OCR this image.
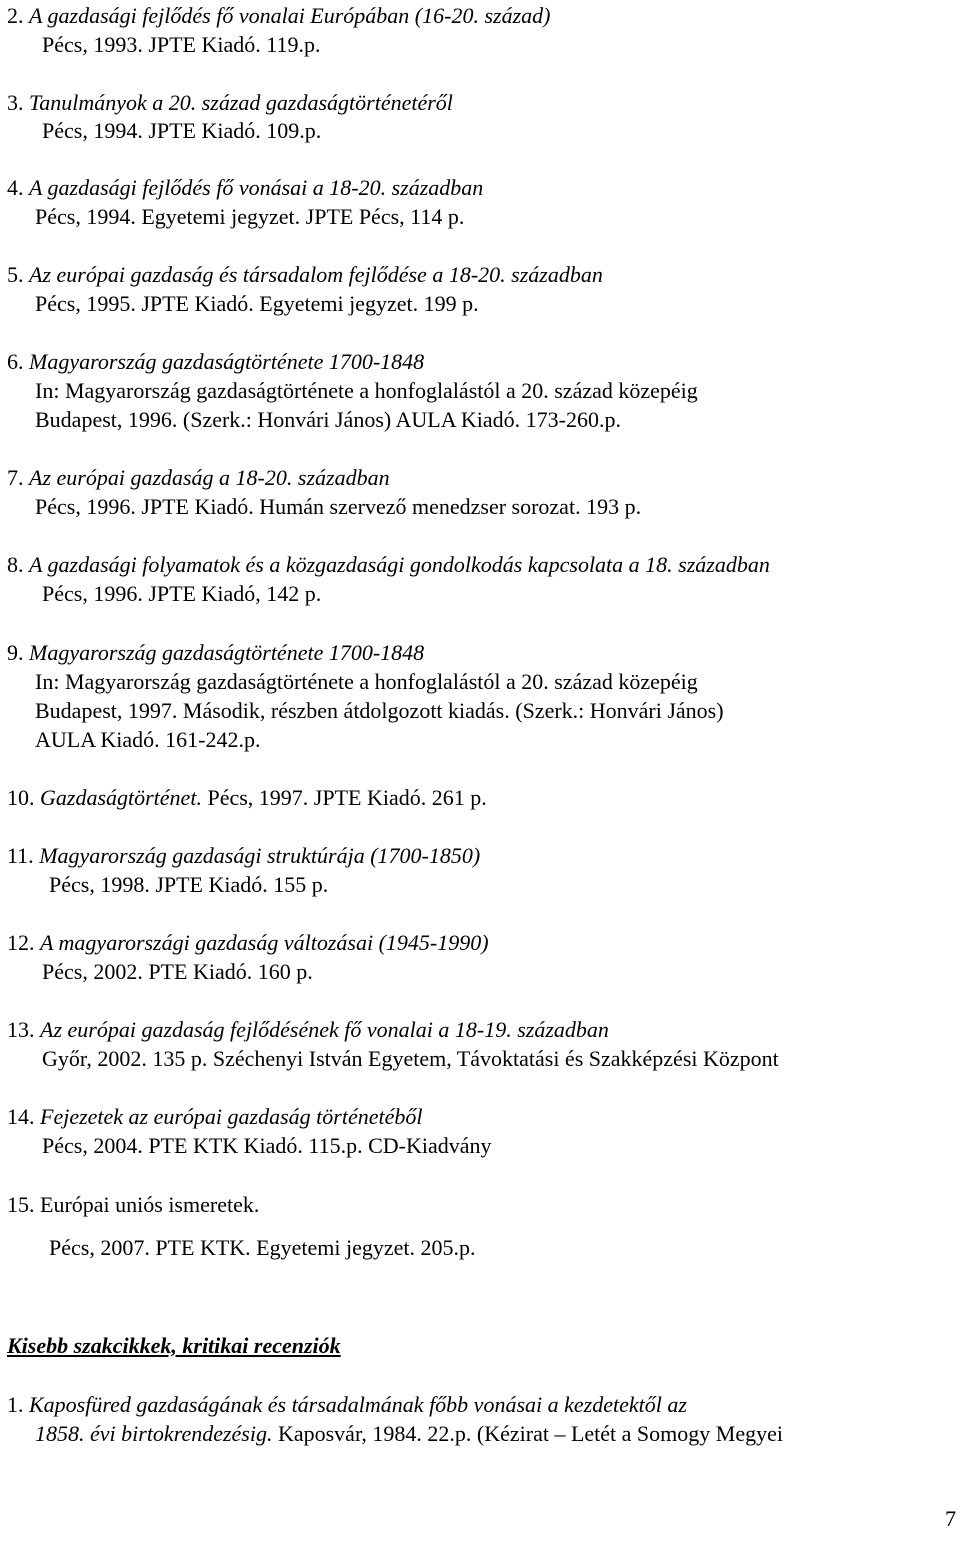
2. A gazdasági fejlődés fő vonalai Európában (16-20. század)
Pécs, 1993. JPTE Kiadó. 119.p.
3. Tanulmányok a 20. század gazdaságtörténetéről
Pécs, 1994. JPTE Kiadó. 109.p.
4. A gazdasági fejlődés fő vonásai a 18-20. században
Pécs, 1994. Egyetemi jegyzet. JPTE Pécs, 114 p.
5. Az európai gazdaság és társadalom fejlődése a 18-20. században
Pécs, 1995. JPTE Kiadó. Egyetemi jegyzet. 199 p.
6. Magyarország gazdaságtörténete 1700-1848
In: Magyarország gazdaságtörténete a honfoglalástól a 20. század közepéig
Budapest, 1996. (Szerk.: Honvári János) AULA Kiadó. 173-260.p.
7. Az európai gazdaság a 18-20. században
Pécs, 1996. JPTE Kiadó. Humán szervező menedzser sorozat. 193 p.
8. A gazdasági folyamatok és a közgazdasági gondolkodás kapcsolata a 18. században
Pécs, 1996. JPTE Kiadó, 142 p.
9. Magyarország gazdaságtörténete 1700-1848
In: Magyarország gazdaságtörténete a honfoglalástól a 20. század közepéig
Budapest, 1997. Második, részben átdolgozott kiadás. (Szerk.: Honvári János)
AULA Kiadó. 161-242.p.
10. Gazdaságtörténet. Pécs, 1997. JPTE Kiadó. 261 p.
11. Magyarország gazdasági struktúrája (1700-1850)
Pécs, 1998. JPTE Kiadó. 155 p.
12. A magyarországi gazdaság változásai (1945-1990)
Pécs, 2002. PTE Kiadó. 160 p.
13. Az európai gazdaság fejlődésének fő vonalai a 18-19. században
Győr, 2002. 135 p. Széchenyi István Egyetem, Távoktatási és Szakképzési Központ
14. Fejezetek az európai gazdaság történetéből
Pécs, 2004. PTE KTK Kiadó. 115.p. CD-Kiadvány
15. Európai uniós ismeretek.
Pécs, 2007. PTE KTK. Egyetemi jegyzet. 205.p.
Kisebb szakcikkek, kritikai recenziók
1. Kaposfüred gazdaságának és társadalmának főbb vonásai a kezdetektől az
1858. évi birtokrendezésig. Kaposvár, 1984. 22.p. (Kézirat – Letét a Somogy Megyei
7
